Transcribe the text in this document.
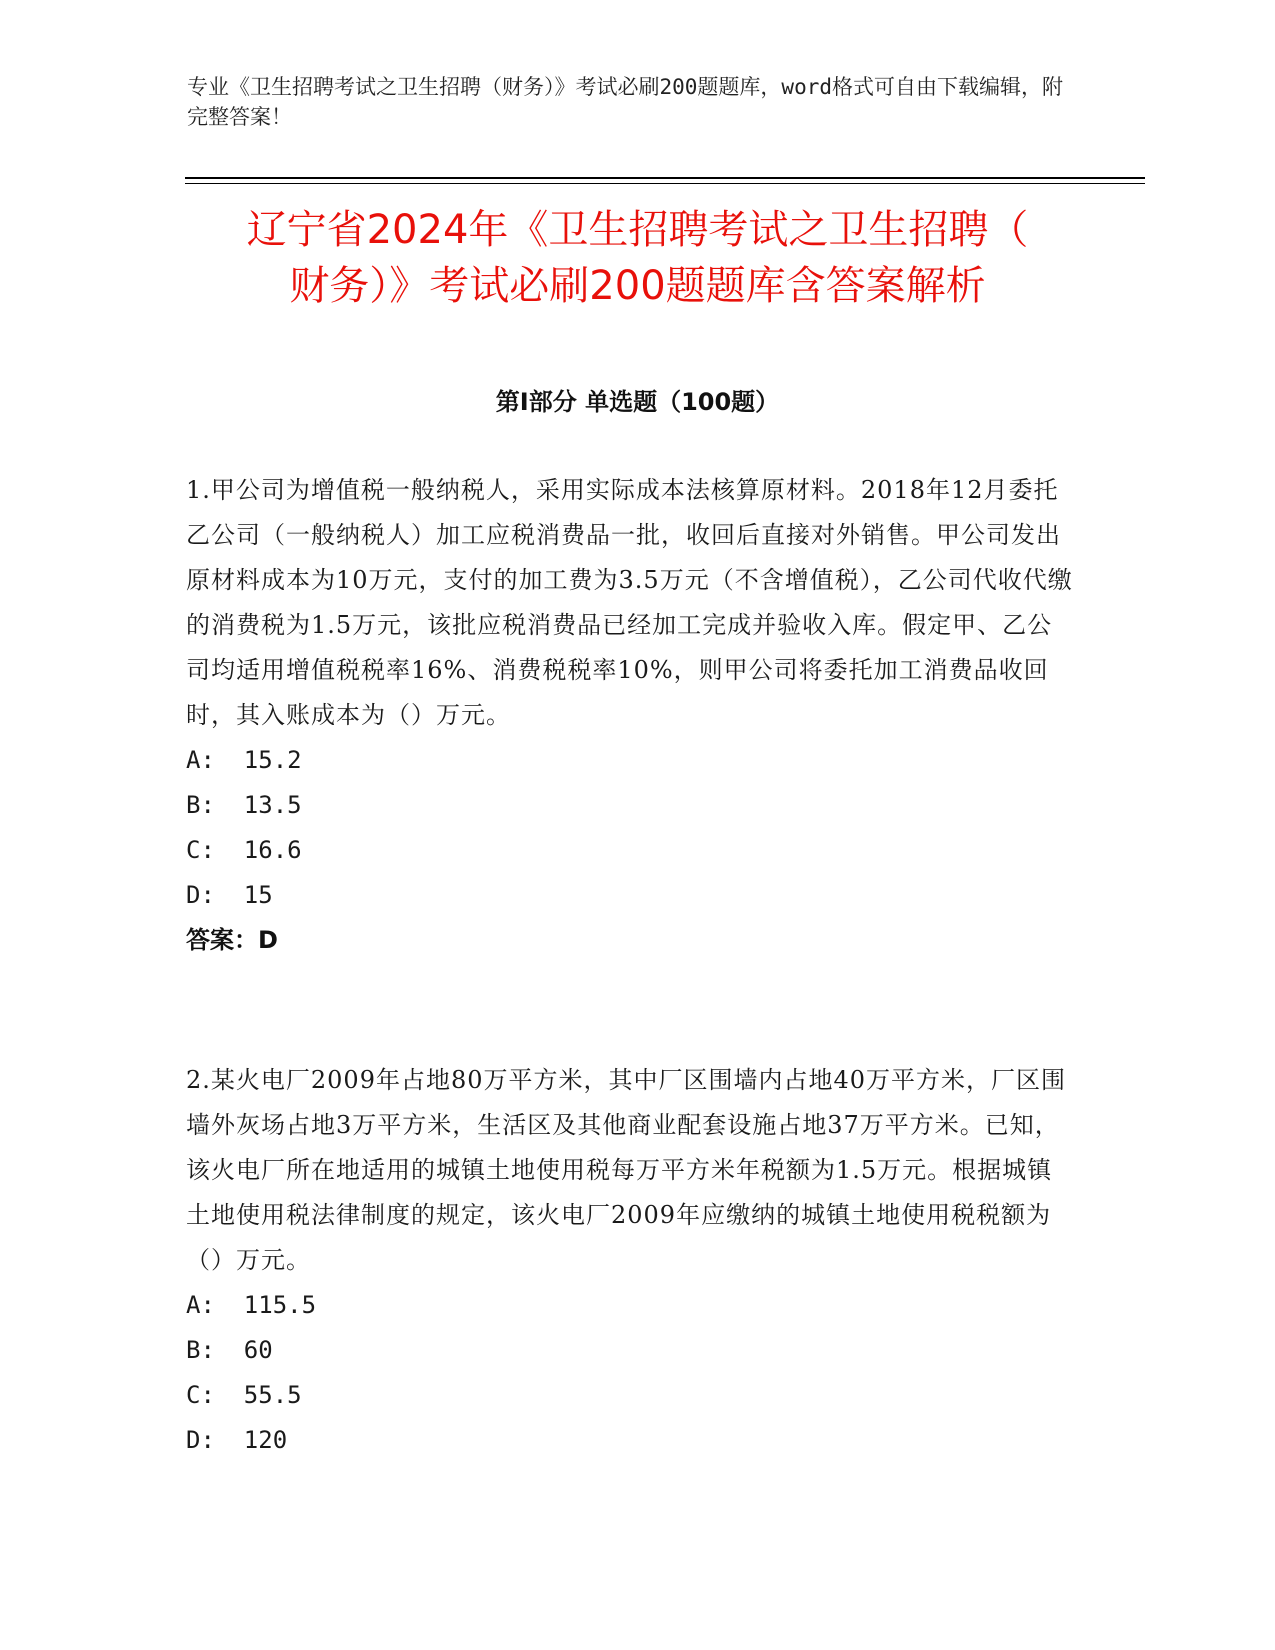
专业《卫生招聘考试之卫生招聘（财务）》考试必刷200题题库，word格式可自由下载编辑，附完整答案！
辽宁省2024年《卫生招聘考试之卫生招聘（
财务）》考试必刷200题题库含答案解析
第I部分 单选题（100题）

1.甲公司为增值税一般纳税人，采用实际成本法核算原材料。2018年12月委托乙公司（一般纳税人）加工应税消费品一批，收回后直接对外销售。甲公司发出原材料成本为10万元，支付的加工费为3.5万元（不含增值税），乙公司代收代缴的消费税为1.5万元，该批应税消费品已经加工完成并验收入库。假定甲、乙公司均适用增值税税率16%、消费税税率10%，则甲公司将委托加工消费品收回时，其入账成本为（）万元。

A:  15.2
B:  13.5
C:  16.6
D:  15
答案：D

2.某火电厂2009年占地80万平方米，其中厂区围墙内占地40万平方米，厂区围墙外灰场占地3万平方米，生活区及其他商业配套设施占地37万平方米。已知，该火电厂所在地适用的城镇土地使用税每万平方米年税额为1.5万元。根据城镇土地使用税法律制度的规定，该火电厂2009年应缴纳的城镇土地使用税税额为（）万元。

A:  115.5
B:  60
C:  55.5
D:  120
